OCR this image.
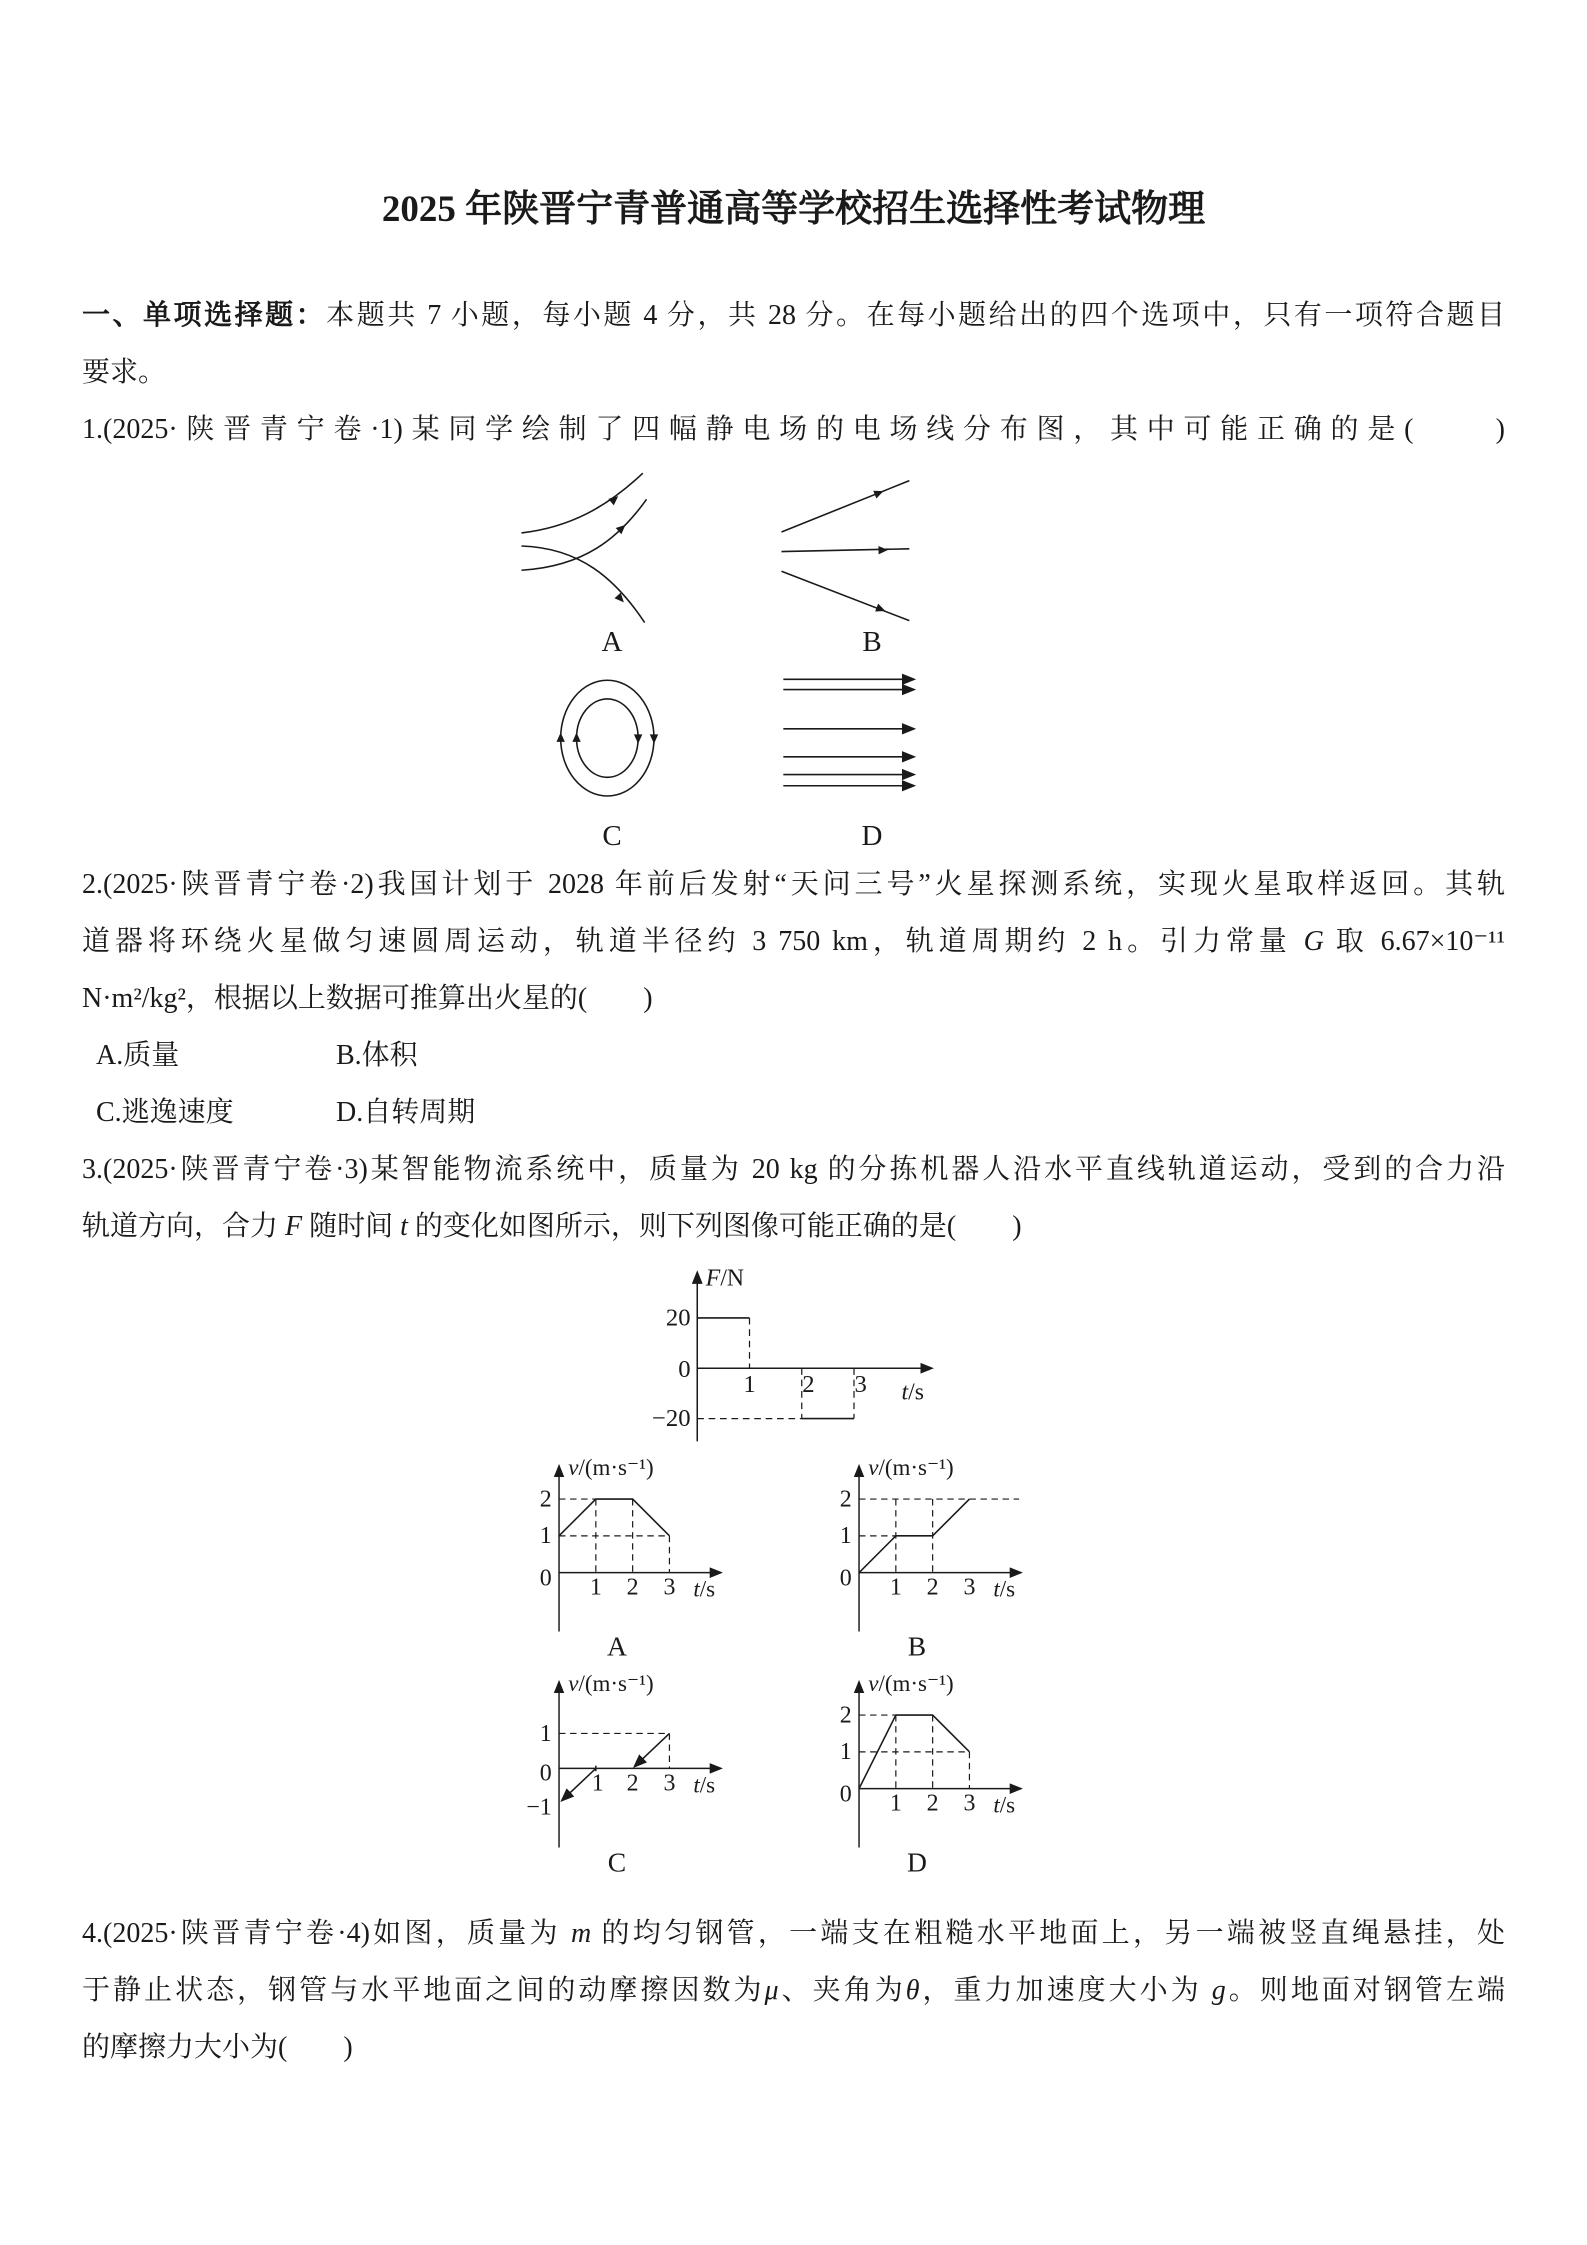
2025 年陕晋宁青普通高等学校招生选择性考试物理

一、单项选择题：本题共 7 小题，每小题 4 分，共 28 分。在每小题给出的四个选项中，只有一项符合题目

要求。

1.(2025·陕晋青宁卷·1)某同学绘制了四幅静电场的电场线分布图，其中可能正确的是(　　)

A	B
C	D

2.(2025·陕晋青宁卷·2)我国计划于 2028 年前后发射“天问三号”火星探测系统，实现火星取样返回。其轨

道器将环绕火星做匀速圆周运动，轨道半径约 3 750 km，轨道周期约 2 h。引力常量 G 取 6.67×10⁻¹¹

N·m²/kg²，根据以上数据可推算出火星的(　　)

A.质量	B.体积

C.逃逸速度	D.自转周期

3.(2025·陕晋青宁卷·3)某智能物流系统中，质量为 20 kg 的分拣机器人沿水平直线轨道运动，受到的合力沿

轨道方向，合力 F 随时间 t 的变化如图所示，则下列图像可能正确的是(　　)

F/N
t/s
20
0
−20
1 2 3
v/(m·s⁻¹)
t/s
2
1
0 1 2 3
A
v/(m·s⁻¹)
t/s
2
1
0 1 2 3
B
v/(m·s⁻¹)
t/s
1
0
−1
1 2 3
C
v/(m·s⁻¹)
t/s
2
1
0 1 2 3
D

4.(2025·陕晋青宁卷·4)如图，质量为 m 的均匀钢管，一端支在粗糙水平地面上，另一端被竖直绳悬挂，处

于静止状态，钢管与水平地面之间的动摩擦因数为μ、夹角为θ，重力加速度大小为 g。则地面对钢管左端

的摩擦力大小为(　　)
